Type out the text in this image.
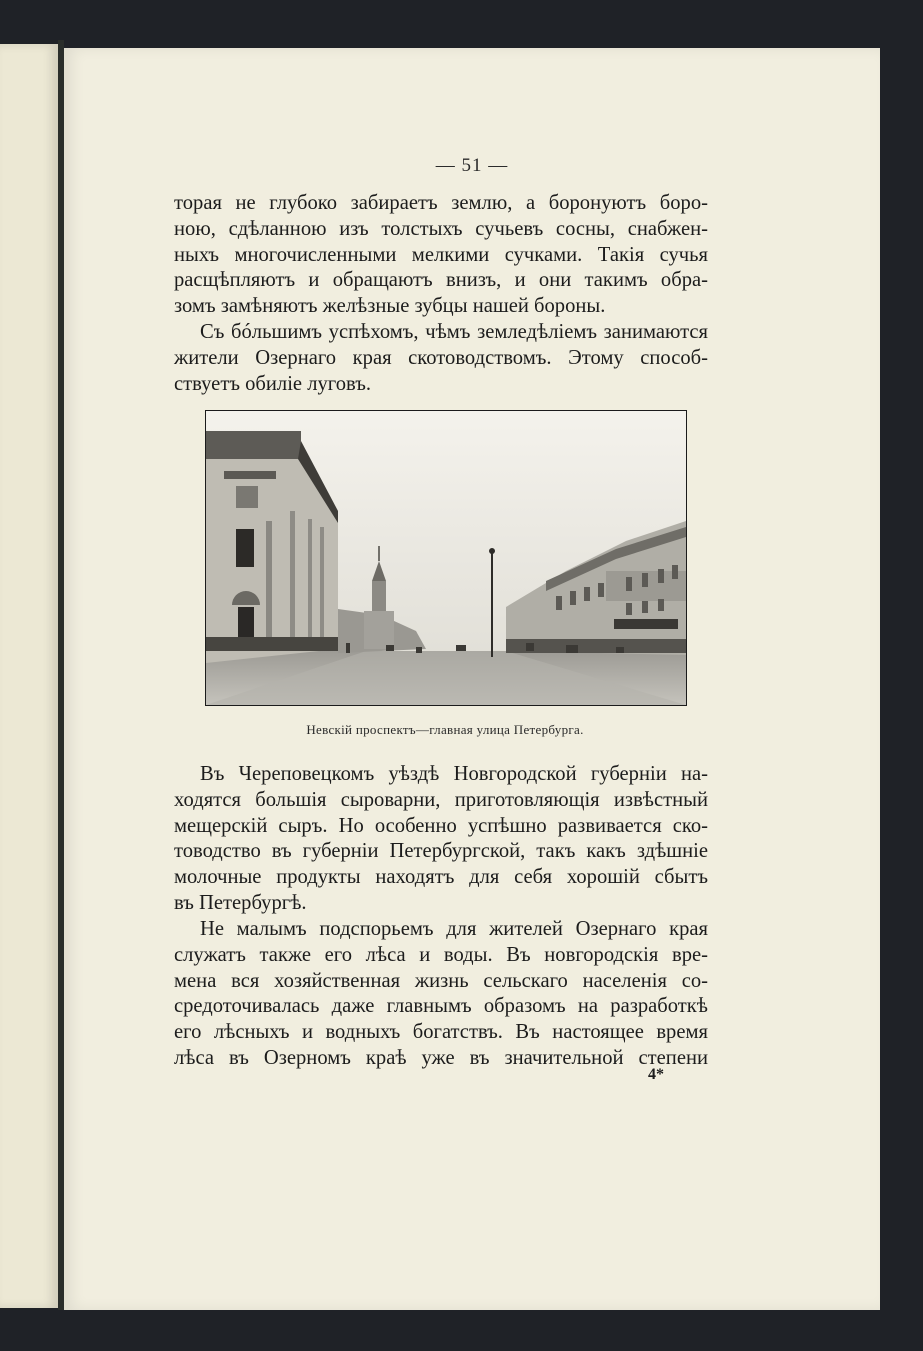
— 51 —
торая не глубоко забираетъ землю, а боронуютъ боро-
ною, сдѣланною изъ толстыхъ сучьевъ сосны, снабжен-
ныхъ многочисленными мелкими сучками. Такія сучья
расщѣпляютъ и обращаютъ внизъ, и они такимъ обра-
зомъ замѣняютъ желѣзные зубцы нашей бороны.
Съ бóльшимъ успѣхомъ, чѣмъ земледѣліемъ занимаются
жители Озернаго края скотоводствомъ. Этому способ-
ствуетъ обиліе луговъ.
Невскій проспектъ—главная улица Петербурга.
Въ Череповецкомъ уѣздѣ Новгородской губерніи на-
ходятся большія сыроварни, приготовляющія извѣстный
мещерскій сыръ. Но особенно успѣшно развивается ско-
товодство въ губерніи Петербургской, такъ какъ здѣшніе
молочные продукты находятъ для себя хорошій сбытъ
въ Петербургѣ.
Не малымъ подспорьемъ для жителей Озернаго края
служатъ также его лѣса и воды. Въ новгородскія вре-
мена вся хозяйственная жизнь сельскаго населенія со-
средоточивалась даже главнымъ образомъ на разработкѣ
его лѣсныхъ и водныхъ богатствъ. Въ настоящее время
лѣса въ Озерномъ краѣ уже въ значительной степени
4*
